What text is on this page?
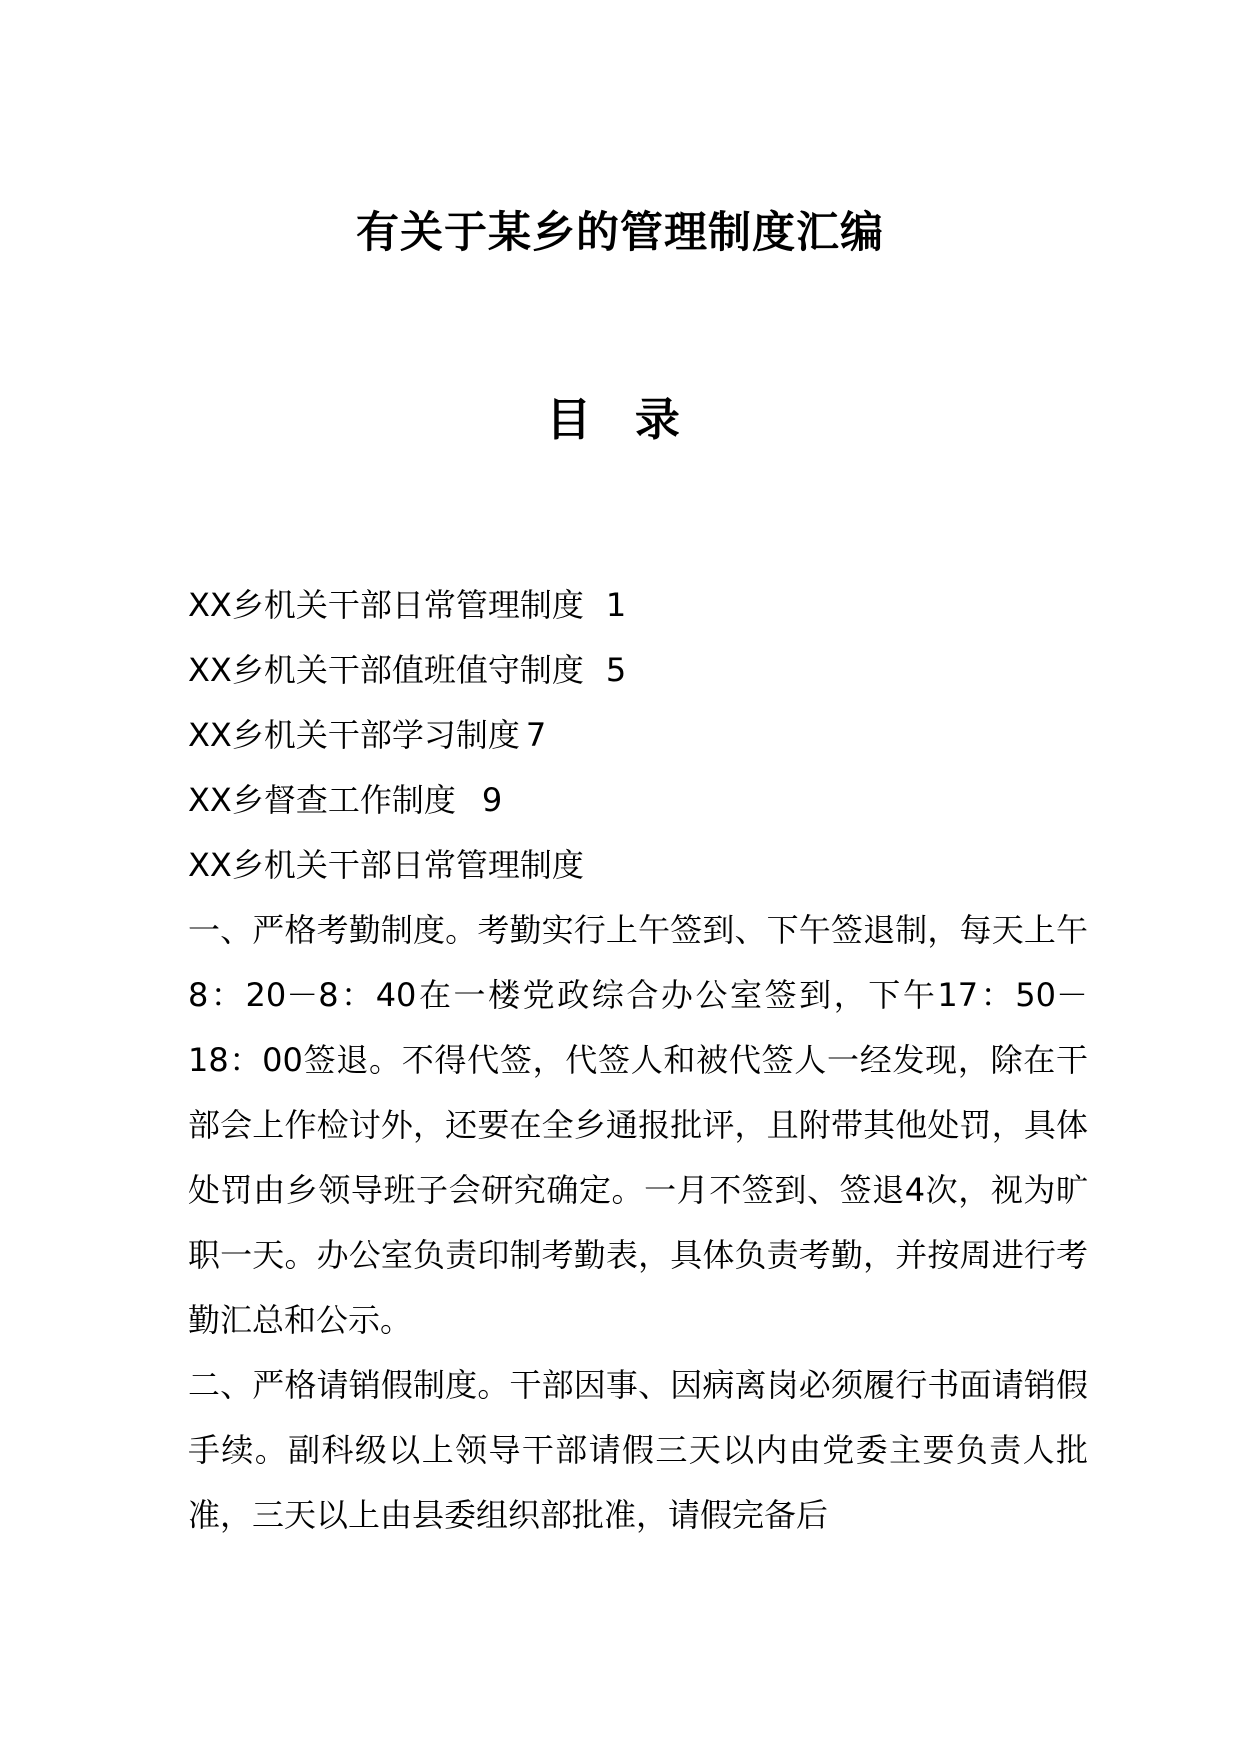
有关于某乡的管理制度汇编
目 录
XX乡机关干部日常管理制度 1
XX乡机关干部值班值守制度 5
XX乡机关干部学习制度 7
XX乡督查工作制度 9
XX乡机关干部日常管理制度

一、严格考勤制度。考勤实行上午签到、下午签退制，每天上午8：20－8：40在一楼党政综合办公室签到，下午17：50－18：00签退。不得代签，代签人和被代签人一经发现，除在干部会上作检讨外，还要在全乡通报批评，且附带其他处罚，具体处罚由乡领导班子会研究确定。一月不签到、签退4次，视为旷职一天。办公室负责印制考勤表，具体负责考勤，并按周进行考勤汇总和公示。

二、严格请销假制度。干部因事、因病离岗必须履行书面请销假手续。副科级以上领导干部请假三天以内由党委主要负责人批准，三天以上由县委组织部批准，请假完备后
